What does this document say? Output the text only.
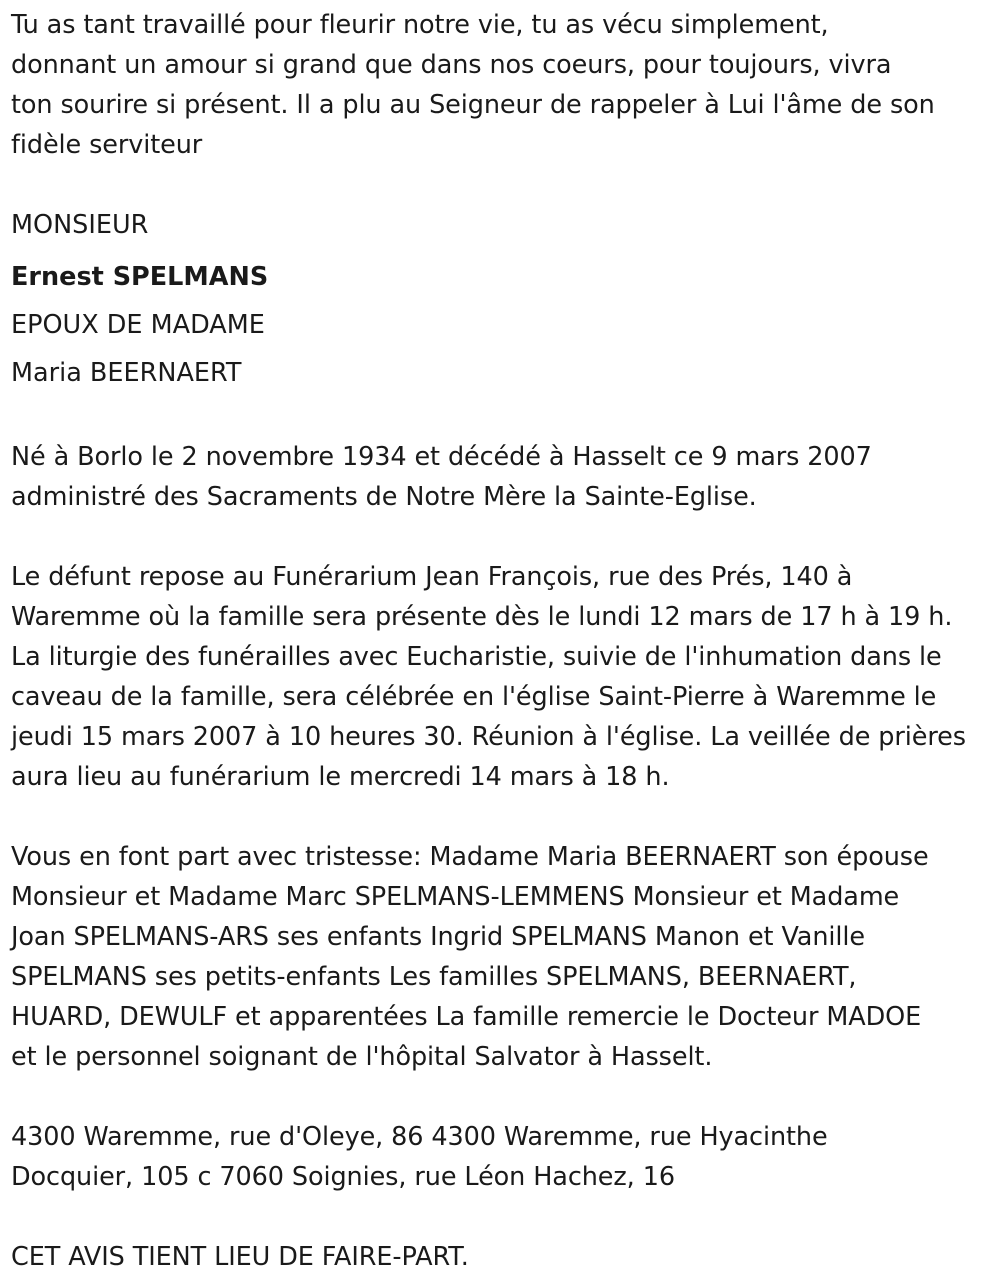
Tu as tant travaillé pour fleurir notre vie, tu as vécu simplement,
donnant un amour si grand que dans nos coeurs, pour toujours, vivra
ton sourire si présent. Il a plu au Seigneur de rappeler à Lui l'âme de son
fidèle serviteur

MONSIEUR
Ernest SPELMANS
EPOUX DE MADAME
Maria BEERNAERT

Né à Borlo le 2 novembre 1934 et décédé à Hasselt ce 9 mars 2007
administré des Sacraments de Notre Mère la Sainte-Eglise.

Le défunt repose au Funérarium Jean François, rue des Prés, 140 à
Waremme où la famille sera présente dès le lundi 12 mars de 17 h à 19 h.
La liturgie des funérailles avec Eucharistie, suivie de l'inhumation dans le
caveau de la famille, sera célébrée en l'église Saint-Pierre à Waremme le
jeudi 15 mars 2007 à 10 heures 30. Réunion à l'église. La veillée de prières
aura lieu au funérarium le mercredi 14 mars à 18 h.

Vous en font part avec tristesse: Madame Maria BEERNAERT son épouse
Monsieur et Madame Marc SPELMANS-LEMMENS Monsieur et Madame
Joan SPELMANS-ARS ses enfants Ingrid SPELMANS Manon et Vanille
SPELMANS ses petits-enfants Les familles SPELMANS, BEERNAERT,
HUARD, DEWULF et apparentées La famille remercie le Docteur MADOE
et le personnel soignant de l'hôpital Salvator à Hasselt.

4300 Waremme, rue d'Oleye, 86 4300 Waremme, rue Hyacinthe
Docquier, 105 c 7060 Soignies, rue Léon Hachez, 16

CET AVIS TIENT LIEU DE FAIRE-PART.
